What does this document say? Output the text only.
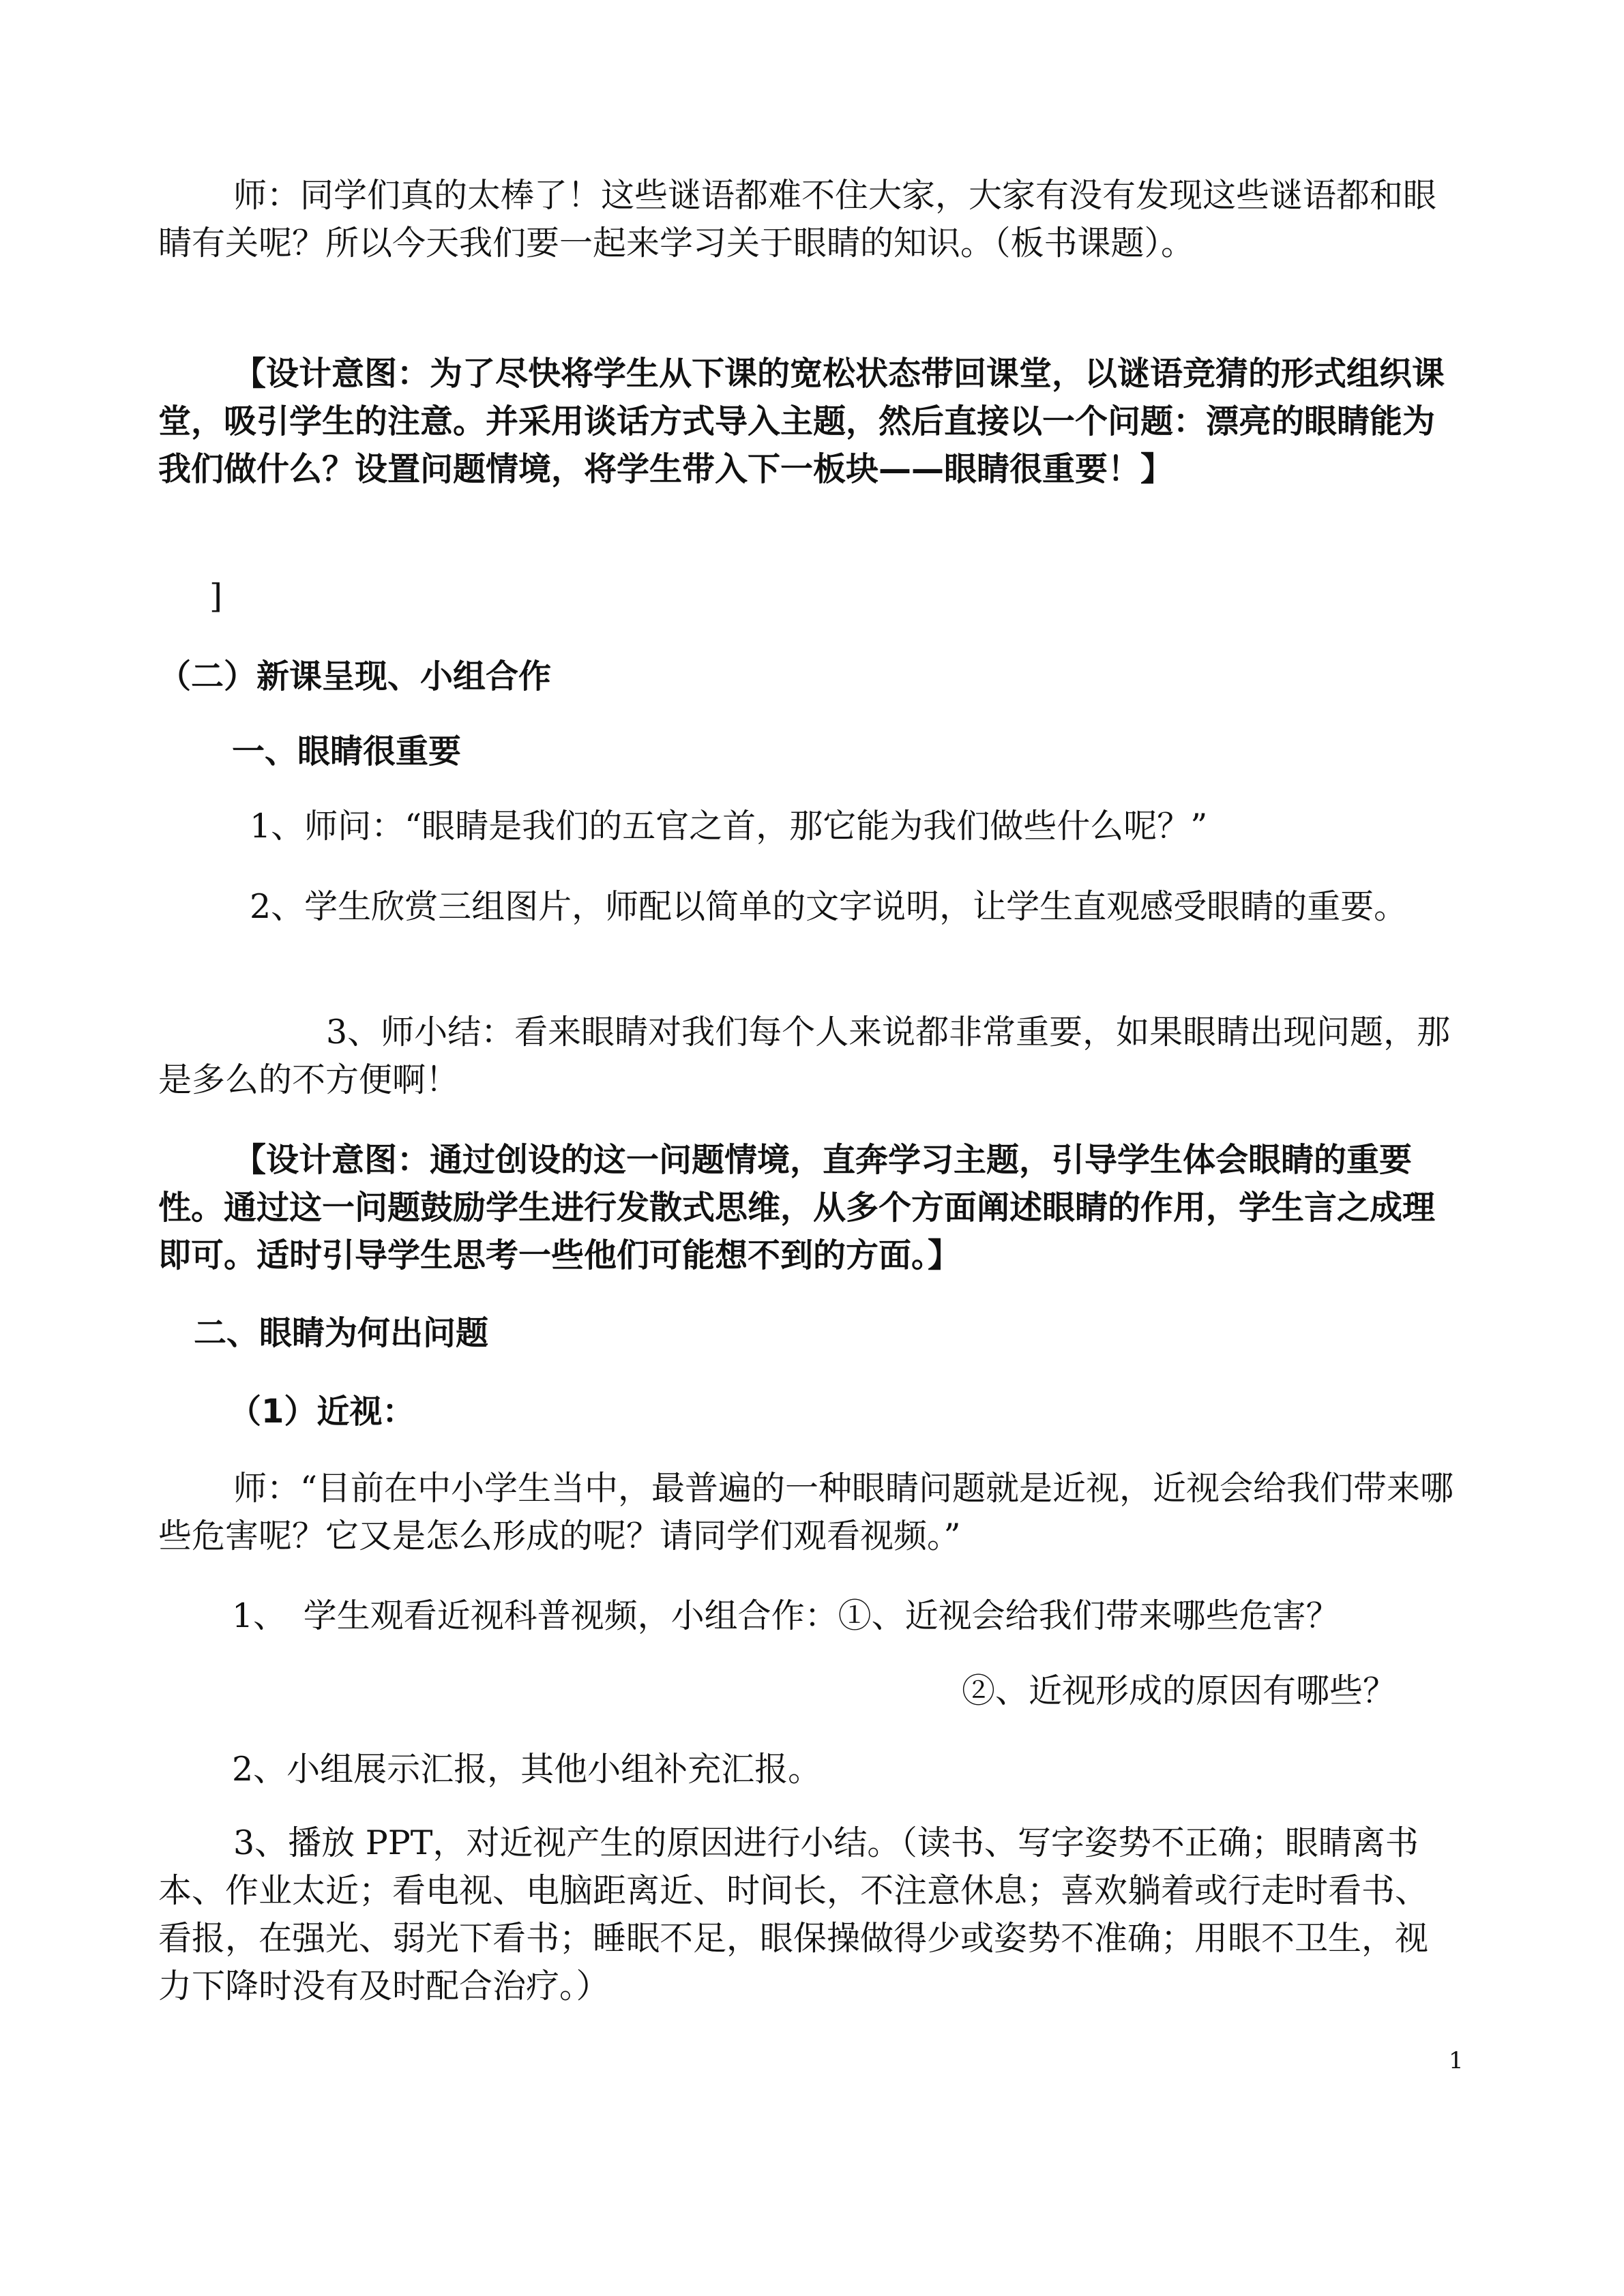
师：同学们真的太棒了！这些谜语都难不住大家，大家有没有发现这些谜语都和眼睛有关呢？所以今天我们要一起来学习关于眼睛的知识。（板书课题）。

【设计意图：为了尽快将学生从下课的宽松状态带回课堂，以谜语竞猜的形式组织课堂，吸引学生的注意。并采用谈话方式导入主题，然后直接以一个问题：漂亮的眼睛能为我们做什么？设置问题情境，将学生带入下一板块——眼睛很重要！】

]

（二）新课呈现、小组合作

一、眼睛很重要

1、师问：“眼睛是我们的五官之首，那它能为我们做些什么呢？”

2、学生欣赏三组图片，师配以简单的文字说明，让学生直观感受眼睛的重要。

3、师小结：看来眼睛对我们每个人来说都非常重要，如果眼睛出现问题，那是多么的不方便啊！

【设计意图：通过创设的这一问题情境，直奔学习主题，引导学生体会眼睛的重要性。通过这一问题鼓励学生进行发散式思维，从多个方面阐述眼睛的作用，学生言之成理即可。适时引导学生思考一些他们可能想不到的方面。】

二、眼睛为何出问题

（1）近视：

师：“目前在中小学生当中，最普遍的一种眼睛问题就是近视，近视会给我们带来哪些危害呢？它又是怎么形成的呢？请同学们观看视频。”

1、　学生观看近视科普视频，小组合作：①、近视会给我们带来哪些危害？

②、近视形成的原因有哪些？

2、小组展示汇报，其他小组补充汇报。

3、播放 PPT，对近视产生的原因进行小结。（读书、写字姿势不正确；眼睛离书本、作业太近；看电视、电脑距离近、时间长，不注意休息；喜欢躺着或行走时看书、看报，在强光、弱光下看书；睡眠不足，眼保操做得少或姿势不准确；用眼不卫生，视力下降时没有及时配合治疗。）

1
